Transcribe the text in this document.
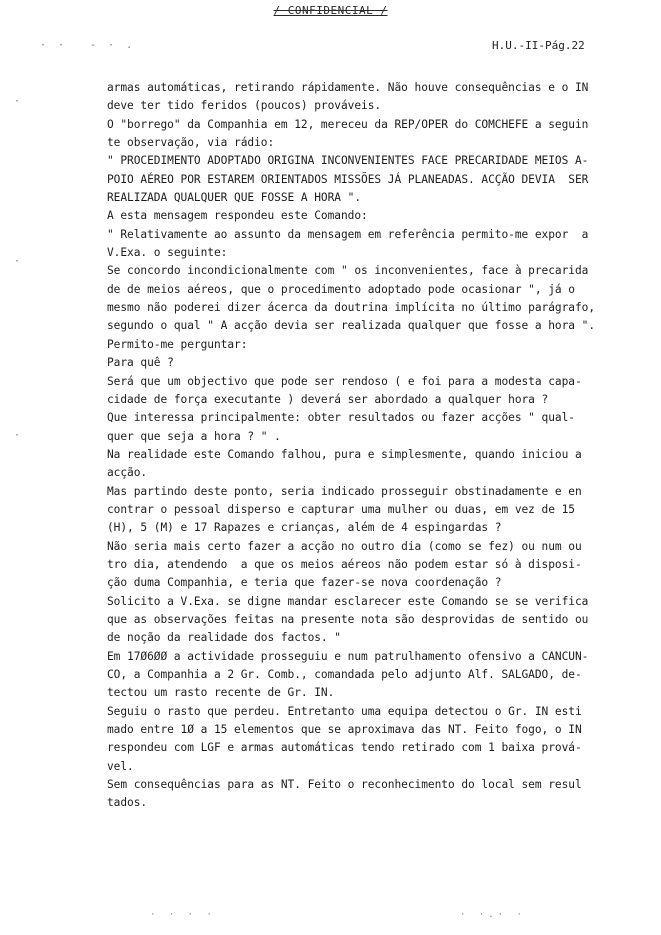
/ CONFIDENCIAL /
H.U.-II-Pág.22
· · - · .
·
·
·
armas automáticas, retirando rápidamente. Não houve consequências e o IN
deve ter tido feridos (poucos) prováveis.
O "borrego" da Companhia em 12, mereceu da REP/OPER do COMCHEFE a seguin
te observação, via rádio:
" PROCEDIMENTO ADOPTADO ORIGINA INCONVENIENTES FACE PRECARIDADE MEIOS A-
POIO AÉREO POR ESTAREM ORIENTADOS MISSÕES JÁ PLANEADAS. ACÇÃO DEVIA  SER
REALIZADA QUALQUER QUE FOSSE A HORA ".
A esta mensagem respondeu este Comando:
" Relativamente ao assunto da mensagem em referência permito-me expor  a
V.Exa. o seguinte:
Se concordo incondicionalmente com " os inconvenientes, face à precarida
de de meios aéreos, que o procedimento adoptado pode ocasionar ", já o
mesmo não poderei dizer ácerca da doutrina implícita no último parágrafo,
segundo o qual " A acção devia ser realizada qualquer que fosse a hora ".
Permito-me perguntar:
Para quê ?
Será que um objectivo que pode ser rendoso ( e foi para a modesta capa-
cidade de força executante ) deverá ser abordado a qualquer hora ?
Que interessa principalmente: obter resultados ou fazer acções " qual-
quer que seja a hora ? " .
Na realidade este Comando falhou, pura e simplesmente, quando iniciou a
acção.
Mas partindo deste ponto, seria indicado prosseguir obstinadamente e en
contrar o pessoal disperso e capturar uma mulher ou duas, em vez de 15
(H), 5 (M) e 17 Rapazes e crianças, além de 4 espingardas ?
Não seria mais certo fazer a acção no outro dia (como se fez) ou num ou
tro dia, atendendo  a que os meios aéreos não podem estar só à disposi-
ção duma Companhia, e teria que fazer-se nova coordenação ?
Solicito a V.Exa. se digne mandar esclarecer este Comando se se verifica
que as observações feitas na presente nota são desprovidas de sentido ou
de noção da realidade dos factos. "
Em 17Ø6ØØ a actividade prosseguiu e num patrulhamento ofensivo a CANCUN-
CO, a Companhia a 2 Gr. Comb., comandada pelo adjunto Alf. SALGADO, de-
tectou um rasto recente de Gr. IN.
Seguiu o rasto que perdeu. Entretanto uma equipa detectou o Gr. IN esti
mado entre 1Ø a 15 elementos que se aproximava das NT. Feito fogo, o IN
respondeu com LGF e armas automáticas tendo retirado com 1 baixa prová-
vel.
Sem consequências para as NT. Feito o reconhecimento do local sem resul
tados.
· · · ·	· ·.· ·
